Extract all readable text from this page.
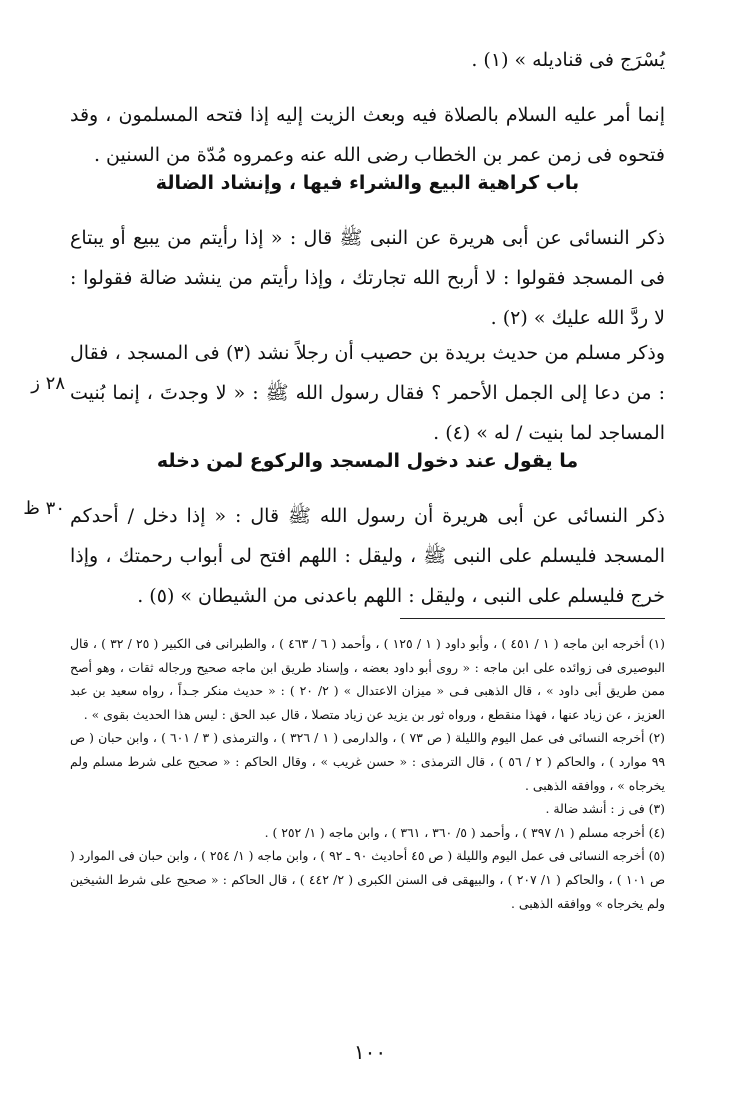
يُسْرَج فى قناديله » (١) .
إنما أمر عليه السلام بالصلاة فيه وبعث الزيت إليه إذا فتحه المسلمون ، وقد فتحوه فى زمن عمر بن الخطاب رضى الله عنه وعمروه مُدّة من السنين .
باب كراهية البيع والشراء فيها ، وإنشاد الضالة
ذكر النسائى عن أبى هريرة عن النبى ﷺ قال : « إذا رأيتم من يبيع أو يبتاع فى المسجد فقولوا : لا أربح الله تجارتك ، وإذا رأيتم من ينشد ضالة فقولوا : لا ردَّ الله عليك » (٢) .
وذكر مسلم من حديث بريدة بن حصيب أن رجلاً نشد (٣) فى المسجد ، فقال : من دعا إلى الجمل الأحمر ؟ فقال رسول الله ﷺ : « لا وجدتَ ، إنما بُنيت المساجد لما بنيت / له » (٤) .
٢٨ ز
ما يقول عند دخول المسجد والركوع لمن دخله
ذكر النسائى عن أبى هريرة أن رسول الله ﷺ قال : « إذا دخل / أحدكم المسجد فليسلم على النبى ﷺ ، وليقل : اللهم افتح لى أبواب رحمتك ، وإذا خرج فليسلم على النبى ، وليقل : اللهم باعدنى من الشيطان » (٥) .
٣٠ ظ

(١) أخرجه ابن ماجه ( ١ / ٤٥١ ) ، وأبو داود ( ١ / ١٢٥ ) ، وأحمد ( ٦ / ٤٦٣ ) ، والطبرانى فى الكبير ( ٢٥ / ٣٢ ) ، قال البوصيرى فى زوائده على ابن ماجه : « روى أبو داود بعضه ، وإسناد طريق ابن ماجه صحيح ورجاله ثقات ، وهو أصح ممن طريق أبى داود » ، قال الذهبى فـى « ميزان الاعتدال » ( ٢/ ٢٠ ) : « حديث منكر جـداً ، رواه سعيد بن عبد العزيز ، عن زياد عنها ، فهذا منقطع ، ورواه ثور بن يزيد عن زياد متصلا ، قال عبد الحق : ليس هذا الحديث بقوى » .

(٢) أخرجه النسائى فى عمل اليوم والليلة ( ص ٧٣ ) ، والدارمى ( ١ / ٣٢٦ ) ، والترمذى ( ٣ / ٦٠١ ) ، وابن حبان ( ص ٩٩ موارد ) ، والحاكم ( ٢ / ٥٦ ) ، قال الترمذى : « حسن غريب » ، وقال الحاكم : « صحيح على شرط مسلم ولم يخرجاه » ، ووافقه الذهبى .

(٣) فى ز : أنشد ضالة .

(٤) أخرجه مسلم ( ١/ ٣٩٧ ) ، وأحمد ( ٥/ ٣٦٠ ، ٣٦١ ) ، وابن ماجه ( ١/ ٢٥٢ ) .

(٥) أخرجه النسائى فى عمل اليوم والليلة ( ص ٤٥ أحاديث ٩٠ ـ ٩٢ ) ، وابن ماجه ( ١/ ٢٥٤ ) ، وابن حبان فى الموارد ( ص ١٠١ ) ، والحاكم ( ١/ ٢٠٧ ) ، والبيهقى فى السنن الكبرى ( ٢/ ٤٤٢ ) ، قال الحاكم : « صحيح على شرط الشيخين ولم يخرجاه » ووافقه الذهبى .

١٠٠
